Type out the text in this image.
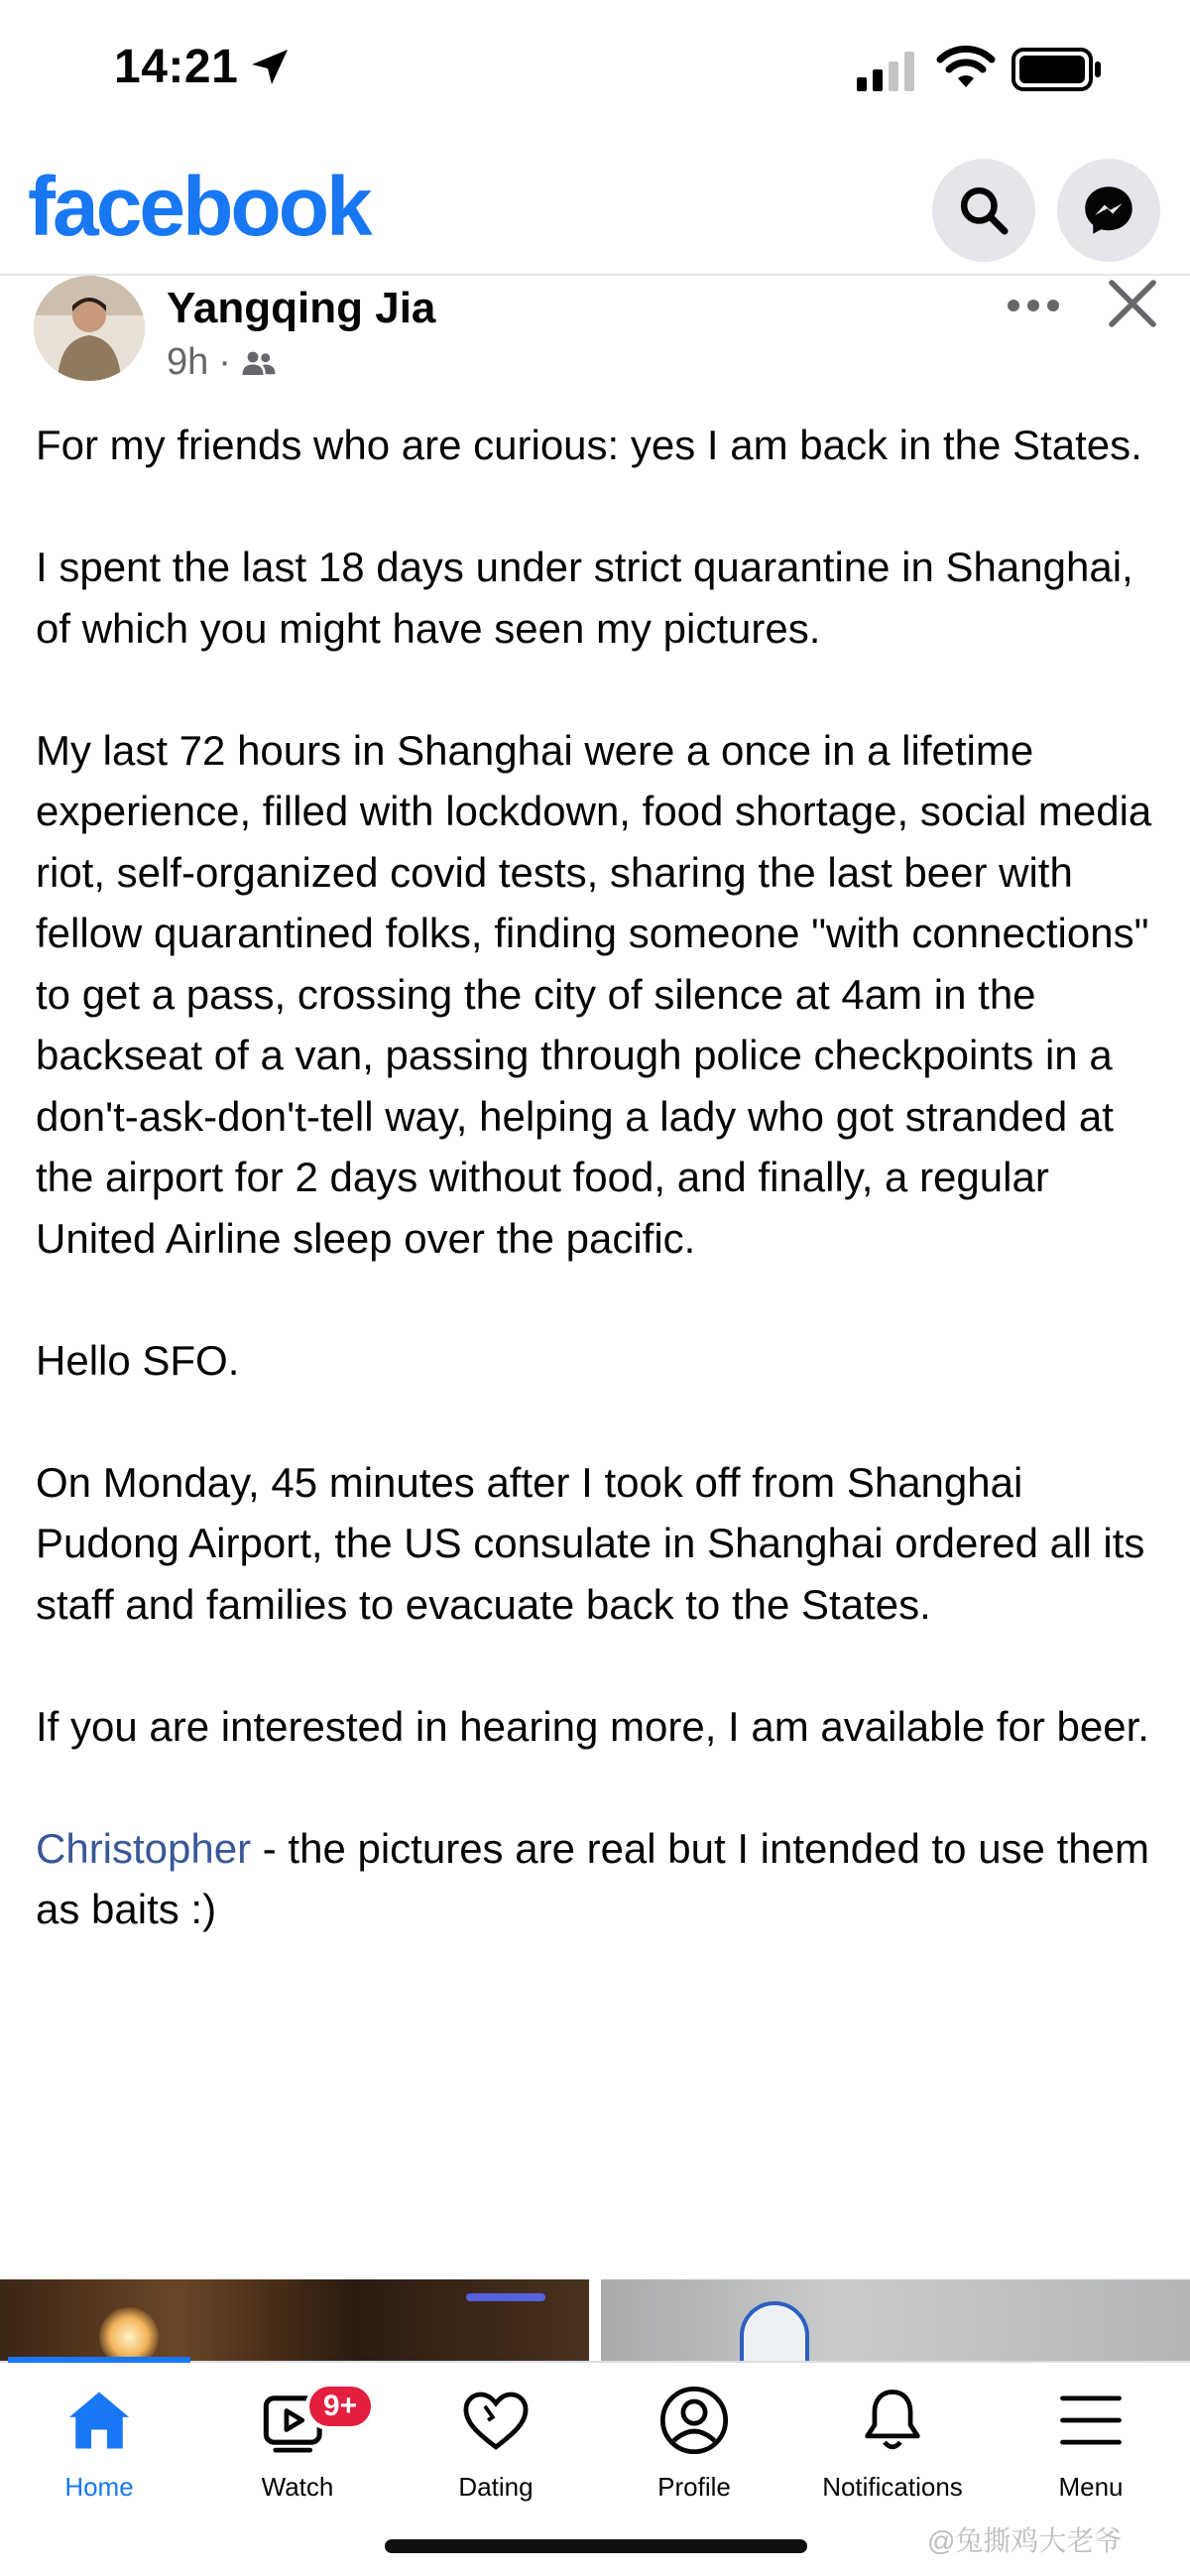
14:21
facebook
Yangqing Jia
9h ·

For my friends who are curious: yes I am back in the States.

I spent the last 18 days under strict quarantine in Shanghai, of which you might have seen my pictures.

My last 72 hours in Shanghai were a once in a lifetime experience, filled with lockdown, food shortage, social media riot, self-organized covid tests, sharing the last beer with fellow quarantined folks, finding someone "with connections" to get a pass, crossing the city of silence at 4am in the backseat of a van, passing through police checkpoints in a don't-ask-don't-tell way, helping a lady who got stranded at the airport for 2 days without food, and finally, a regular United Airline sleep over the pacific.

Hello SFO.

On Monday, 45 minutes after I took off from Shanghai Pudong Airport, the US consulate in Shanghai ordered all its staff and families to evacuate back to the States.

If you are interested in hearing more, I am available for beer.

Christopher - the pictures are real but I intended to use them as baits :)

Home
9+
Watch	Dating	Profile	Notifications	Menu
@兔撕鸡大老爷
